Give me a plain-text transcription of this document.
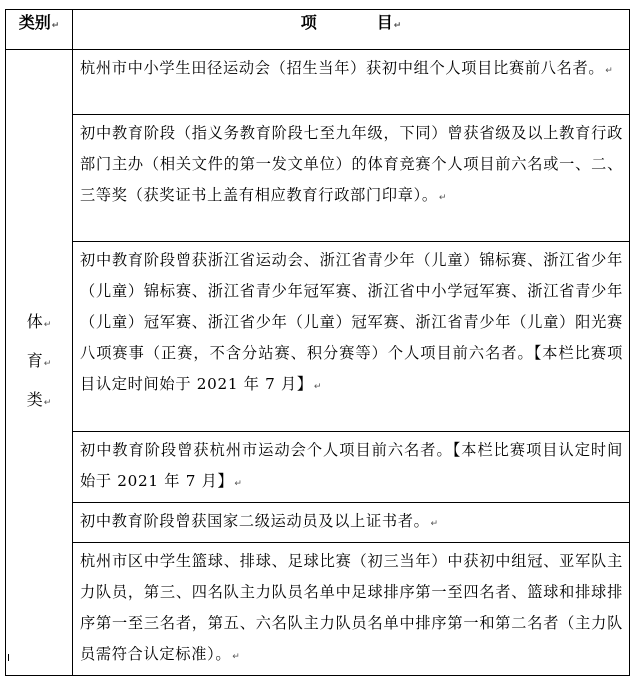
类别↵	项 目↵

体↵
育↵
类↵	杭州市中小学生田径运动会（招生当年）获初中组个人项目比赛前八名者。↵
	初中教育阶段（指义务教育阶段七至九年级，下同）曾获省级及以上教育行政部门主办（相关文件的第一发文单位）的体育竞赛个人项目前六名或一、二、三等奖（获奖证书上盖有相应教育行政部门印章）。↵
	初中教育阶段曾获浙江省运动会、浙江省青少年（儿童）锦标赛、浙江省少年（儿童）锦标赛、浙江省青少年冠军赛、浙江省中小学冠军赛、浙江省青少年（儿童）冠军赛、浙江省少年（儿童）冠军赛、浙江省青少年（儿童）阳光赛八项赛事（正赛，不含分站赛、积分赛等）个人项目前六名者。【本栏比赛项目认定时间始于 2021 年 7 月】↵
	初中教育阶段曾获杭州市运动会个人项目前六名者。【本栏比赛项目认定时间始于 2021 年 7 月】↵
	初中教育阶段曾获国家二级运动员及以上证书者。↵
	杭州市区中学生篮球、排球、足球比赛（初三当年）中获初中组冠、亚军队主力队员，第三、四名队主力队员名单中足球排序第一至四名者、篮球和排球排序第一至三名者，第五、六名队主力队员名单中排序第一和第二名者（主力队员需符合认定标准）。↵
